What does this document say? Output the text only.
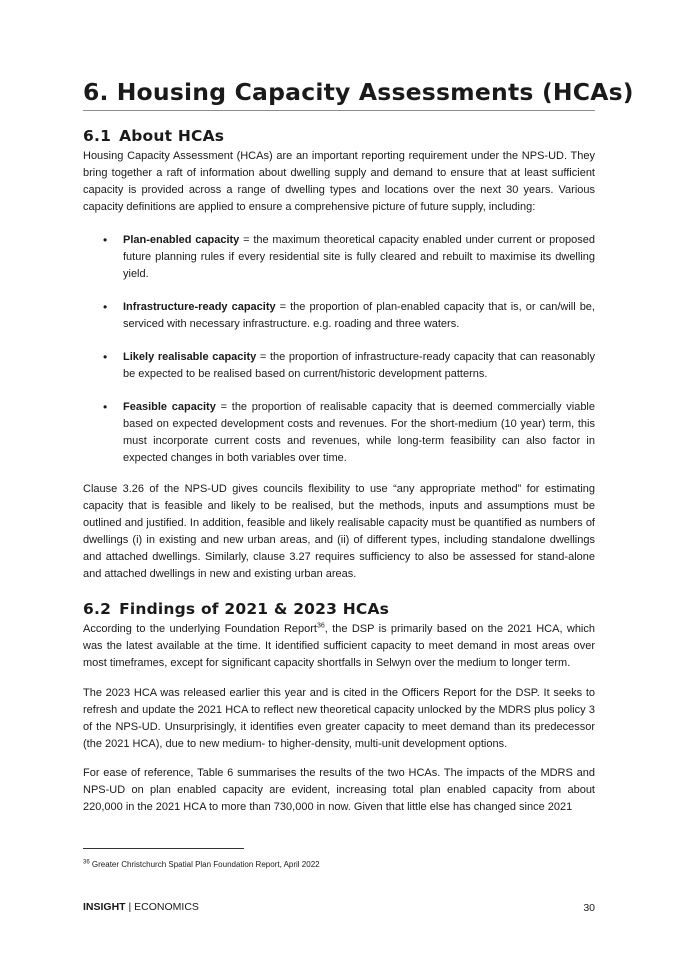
6. Housing Capacity Assessments (HCAs)
6.1 About HCAs

Housing Capacity Assessment (HCAs) are an important reporting requirement under the NPS-UD. They bring together a raft of information about dwelling supply and demand to ensure that at least sufficient capacity is provided across a range of dwelling types and locations over the next 30 years. Various capacity definitions are applied to ensure a comprehensive picture of future supply, including:

• Plan-enabled capacity = the maximum theoretical capacity enabled under current or proposed future planning rules if every residential site is fully cleared and rebuilt to maximise its dwelling yield.

• Infrastructure-ready capacity = the proportion of plan-enabled capacity that is, or can/will be, serviced with necessary infrastructure. e.g. roading and three waters.

• Likely realisable capacity = the proportion of infrastructure-ready capacity that can reasonably be expected to be realised based on current/historic development patterns.

• Feasible capacity = the proportion of realisable capacity that is deemed commercially viable based on expected development costs and revenues. For the short-medium (10 year) term, this must incorporate current costs and revenues, while long-term feasibility can also factor in expected changes in both variables over time.

Clause 3.26 of the NPS-UD gives councils flexibility to use “any appropriate method” for estimating capacity that is feasible and likely to be realised, but the methods, inputs and assumptions must be outlined and justified. In addition, feasible and likely realisable capacity must be quantified as numbers of dwellings (i) in existing and new urban areas, and (ii) of different types, including standalone dwellings and attached dwellings. Similarly, clause 3.27 requires sufficiency to also be assessed for stand-alone and attached dwellings in new and existing urban areas.

6.2 Findings of 2021 & 2023 HCAs

According to the underlying Foundation Report$^{36}$, the DSP is primarily based on the 2021 HCA, which was the latest available at the time. It identified sufficient capacity to meet demand in most areas over most timeframes, except for significant capacity shortfalls in Selwyn over the medium to longer term.

The 2023 HCA was released earlier this year and is cited in the Officers Report for the DSP. It seeks to refresh and update the 2021 HCA to reflect new theoretical capacity unlocked by the MDRS plus policy 3 of the NPS-UD. Unsurprisingly, it identifies even greater capacity to meet demand than its predecessor (the 2021 HCA), due to new medium- to higher-density, multi-unit development options.

For ease of reference, Table 6 summarises the results of the two HCAs. The impacts of the MDRS and NPS-UD on plan enabled capacity are evident, increasing total plan enabled capacity from about 220,000 in the 2021 HCA to more than 730,000 in now. Given that little else has changed since 2021

$^{36}$ Greater Christchurch Spatial Plan Foundation Report, April 2022
INSIGHT | ECONOMICS	30
